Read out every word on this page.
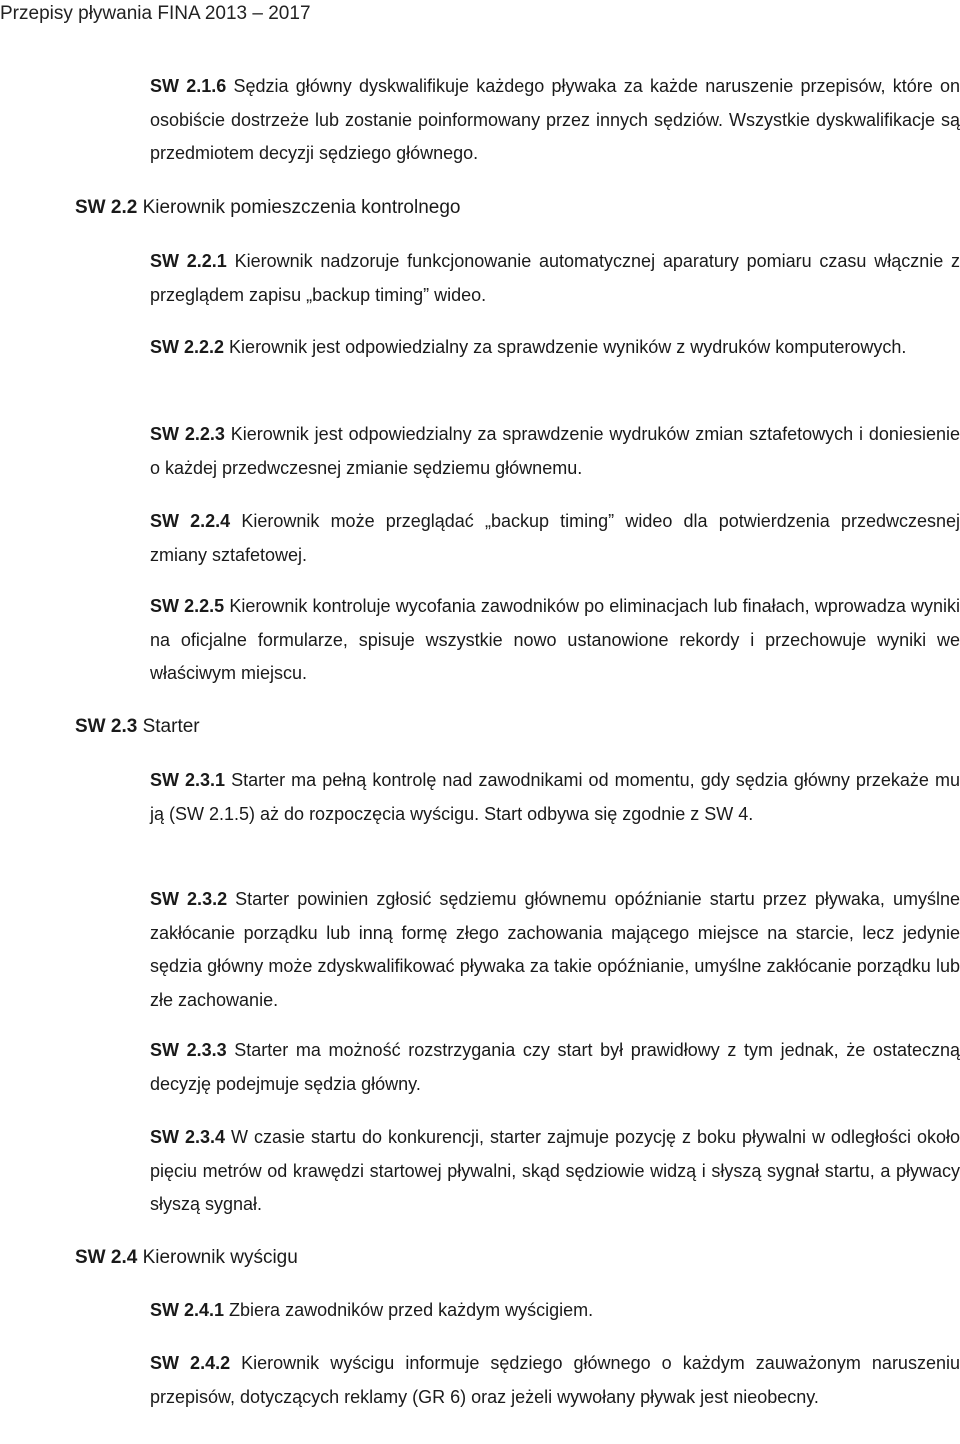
Przepisy pływania FINA 2013 – 2017

SW 2.1.6 Sędzia główny dyskwalifikuje każdego pływaka za każde naruszenie przepisów, które on osobiście dostrzeże lub zostanie poinformowany przez innych sędziów. Wszystkie dyskwalifikacje są przedmiotem decyzji sędziego głównego.

SW 2.2 Kierownik pomieszczenia kontrolnego

SW 2.2.1 Kierownik nadzoruje funkcjonowanie automatycznej aparatury pomiaru czasu włącznie z przeglądem zapisu „backup timing” wideo.

SW 2.2.2 Kierownik jest odpowiedzialny za sprawdzenie wyników z wydruków komputerowych.

SW 2.2.3 Kierownik jest odpowiedzialny za sprawdzenie wydruków zmian sztafetowych i doniesienie o każdej przedwczesnej zmianie sędziemu głównemu.

SW 2.2.4 Kierownik może przeglądać „backup timing” wideo dla potwierdzenia przedwczesnej zmiany sztafetowej.

SW 2.2.5 Kierownik kontroluje wycofania zawodników po eliminacjach lub finałach, wprowadza wyniki na oficjalne formularze, spisuje wszystkie nowo ustanowione rekordy i przechowuje wyniki we właściwym miejscu.

SW 2.3 Starter

SW 2.3.1 Starter ma pełną kontrolę nad zawodnikami od momentu, gdy sędzia główny przekaże mu ją (SW 2.1.5) aż do rozpoczęcia wyścigu. Start odbywa się zgodnie z SW 4.

SW 2.3.2 Starter powinien zgłosić sędziemu głównemu opóźnianie startu przez pływaka, umyślne zakłócanie porządku lub inną formę złego zachowania mającego miejsce na starcie, lecz jedynie sędzia główny może zdyskwalifikować pływaka za takie opóźnianie, umyślne zakłócanie porządku lub złe zachowanie.

SW 2.3.3 Starter ma możność rozstrzygania czy start był prawidłowy z tym jednak, że ostateczną decyzję podejmuje sędzia główny.

SW 2.3.4 W czasie startu do konkurencji, starter zajmuje pozycję z boku pływalni w odległości około pięciu metrów od krawędzi startowej pływalni, skąd sędziowie widzą i słyszą sygnał startu, a pływacy słyszą sygnał.

SW 2.4 Kierownik wyścigu

SW 2.4.1 Zbiera zawodników przed każdym wyścigiem.

SW 2.4.2 Kierownik wyścigu informuje sędziego głównego o każdym zauważonym naruszeniu przepisów, dotyczących reklamy (GR 6) oraz jeżeli wywołany pływak jest nieobecny.
